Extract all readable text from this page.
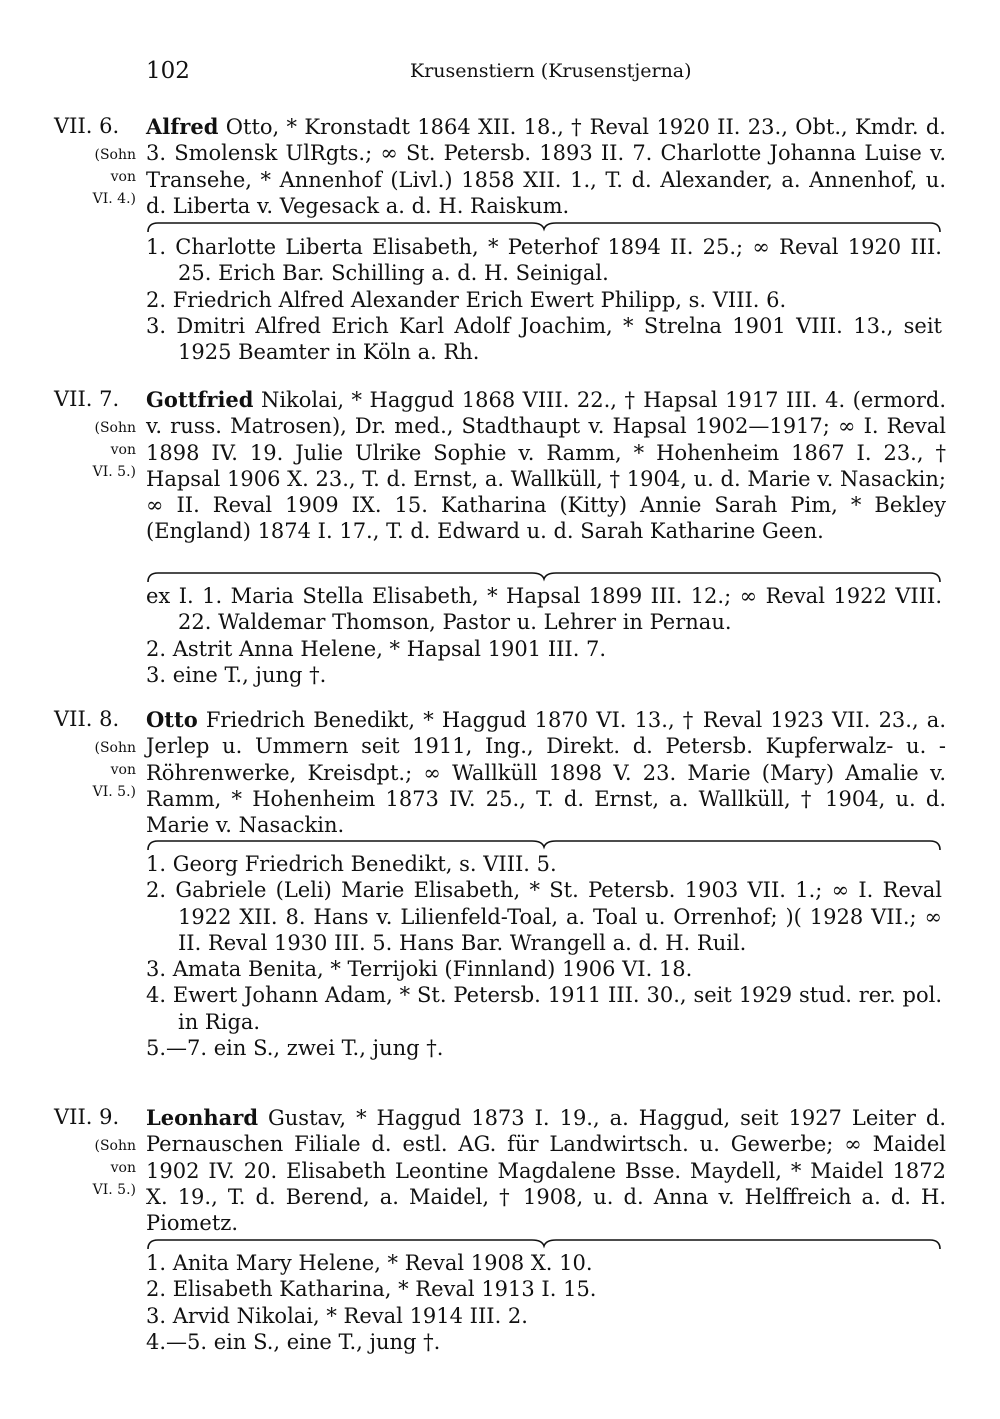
102	Krusenstiern (Krusenstjerna)
VII. 6.
(Sohn
von
VI. 4.)
Alfred Otto, * Kronstadt 1864 XII. 18., † Reval 1920 II. 23., Obt., Kmdr. d. 3. Smolensk UlRgts.; ∞ St. Petersb. 1893 II. 7. Charlotte Johanna Luise v. Transehe, * Annenhof (Livl.) 1858 XII. 1., T. d. Alexander, a. Annenhof, u. d. Liberta v. Vegesack a. d. H. Raiskum.

1. Charlotte Liberta Elisabeth, * Peterhof 1894 II. 25.; ∞ Reval 1920 III. 25. Erich Bar. Schilling a. d. H. Seinigal.

2. Friedrich Alfred Alexander Erich Ewert Philipp, s. VIII. 6.

3. Dmitri Alfred Erich Karl Adolf Joachim, * Strelna 1901 VIII. 13., seit 1925 Beamter in Köln a. Rh.

VII. 7.
(Sohn
von
VI. 5.)
Gottfried Nikolai, * Haggud 1868 VIII. 22., † Hapsal 1917 III. 4. (ermord. v. russ. Matrosen), Dr. med., Stadthaupt v. Hapsal 1902—1917; ∞ I. Reval 1898 IV. 19. Julie Ulrike Sophie v. Ramm, * Hohenheim 1867 I. 23., † Hapsal 1906 X. 23., T. d. Ernst, a. Wallküll, † 1904, u. d. Marie v. Nasackin; ∞ II. Reval 1909 IX. 15. Katharina (Kitty) Annie Sarah Pim, * Bekley (England) 1874 I. 17., T. d. Edward u. d. Sarah Katharine Geen.

ex I. 1. Maria Stella Elisabeth, * Hapsal 1899 III. 12.; ∞ Reval 1922 VIII. 22. Waldemar Thomson, Pastor u. Lehrer in Pernau.

2. Astrit Anna Helene, * Hapsal 1901 III. 7.

3. eine T., jung †.

VII. 8.
(Sohn
von
VI. 5.)
Otto Friedrich Benedikt, * Haggud 1870 VI. 13., † Reval 1923 VII. 23., a. Jerlep u. Ummern seit 1911, Ing., Direkt. d. Petersb. Kupferwalz- u. -Röhrenwerke, Kreisdpt.; ∞ Wallküll 1898 V. 23. Marie (Mary) Amalie v. Ramm, * Hohenheim 1873 IV. 25., T. d. Ernst, a. Wallküll, † 1904, u. d. Marie v. Nasackin.

1. Georg Friedrich Benedikt, s. VIII. 5.

2. Gabriele (Leli) Marie Elisabeth, * St. Petersb. 1903 VII. 1.; ∞ I. Reval 1922 XII. 8. Hans v. Lilienfeld-Toal, a. Toal u. Orrenhof; )( 1928 VII.; ∞ II. Reval 1930 III. 5. Hans Bar. Wrangell a. d. H. Ruil.

3. Amata Benita, * Terrijoki (Finnland) 1906 VI. 18.

4. Ewert Johann Adam, * St. Petersb. 1911 III. 30., seit 1929 stud. rer. pol. in Riga.

5.—7. ein S., zwei T., jung †.

VII. 9.
(Sohn
von
VI. 5.)
Leonhard Gustav, * Haggud 1873 I. 19., a. Haggud, seit 1927 Leiter d. Pernauschen Filiale d. estl. AG. für Landwirtsch. u. Gewerbe; ∞ Maidel 1902 IV. 20. Elisabeth Leontine Magdalene Bsse. Maydell, * Maidel 1872 X. 19., T. d. Berend, a. Maidel, † 1908, u. d. Anna v. Helffreich a. d. H. Piometz.

1. Anita Mary Helene, * Reval 1908 X. 10.

2. Elisabeth Katharina, * Reval 1913 I. 15.

3. Arvid Nikolai, * Reval 1914 III. 2.

4.—5. ein S., eine T., jung †.
